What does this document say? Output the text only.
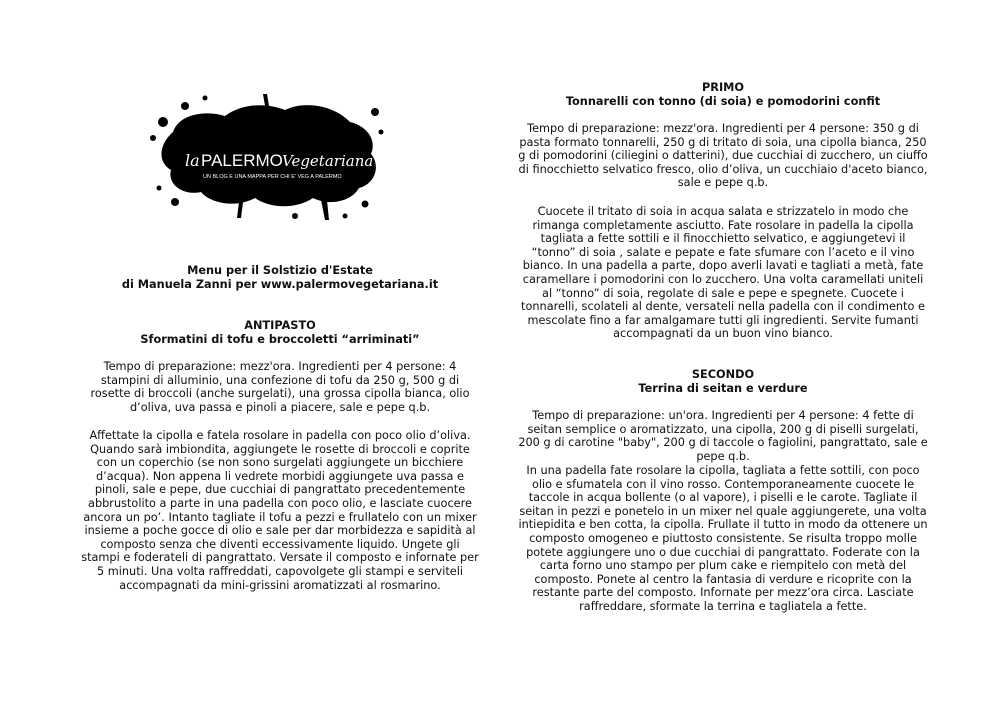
la PALERMO Vegetariana
UN BLOG E UNA MAPPA PER CHI E' VEG A PALERMO

Menu per il Solstizio d'Estate

di Manuela Zanni per www.palermovegetariana.it

ANTIPASTO

Sformatini di tofu e broccoletti “arriminati”

Tempo di preparazione: mezz'ora. Ingredienti per 4 persone: 4 stampini di alluminio, una confezione di tofu da 250 g, 500 g di rosette di broccoli (anche surgelati), una grossa cipolla bianca, olio d’oliva, uva passa e pinoli a piacere, sale e pepe q.b.

Affettate la cipolla e fatela rosolare in padella con poco olio d’oliva. Quando sarà imbiondita, aggiungete le rosette di broccoli e coprite con un coperchio (se non sono surgelati aggiungete un bicchiere d’acqua). Non appena li vedrete morbidi aggiungete uva passa e pinoli, sale e pepe, due cucchiai di pangrattato precedentemente abbrustolito a parte in una padella con poco olio, e lasciate cuocere ancora un po’. Intanto tagliate il tofu a pezzi e frullatelo con un mixer insieme a poche gocce di olio e sale per dar morbidezza e sapidità al composto senza che diventi eccessivamente liquido. Ungete gli stampi e foderateli di pangrattato. Versate il composto e infornate per 5 minuti. Una volta raffreddati, capovolgete gli stampi e serviteli accompagnati da mini-grissini aromatizzati al rosmarino.

PRIMO

Tonnarelli con tonno (di soia) e pomodorini confit

Tempo di preparazione: mezz'ora. Ingredienti per 4 persone: 350 g di pasta formato tonnarelli, 250 g di tritato di soia, una cipolla bianca, 250 g di pomodorini (ciliegini o datterini), due cucchiai di zucchero, un ciuffo di finocchietto selvatico fresco, olio d’oliva, un cucchiaio d'aceto bianco, sale e pepe q.b.

Cuocete il tritato di soia in acqua salata e strizzatelo in modo che rimanga completamente asciutto. Fate rosolare in padella la cipolla tagliata a fette sottili e il finocchietto selvatico, e aggiungetevi il “tonno” di soia , salate e pepate e fate sfumare con l’aceto e il vino bianco. In una padella a parte, dopo averli lavati e tagliati a metà, fate caramellare i pomodorini con lo zucchero. Una volta caramellati uniteli al “tonno” di soia, regolate di sale e pepe e spegnete. Cuocete i tonnarelli, scolateli al dente, versateli nella padella con il condimento e mescolate fino a far amalgamare tutti gli ingredienti. Servite fumanti accompagnati da un buon vino bianco.

SECONDO

Terrina di seitan e verdure

Tempo di preparazione: un'ora. Ingredienti per 4 persone: 4 fette di seitan semplice o aromatizzato, una cipolla, 200 g di piselli surgelati, 200 g di carotine "baby", 200 g di taccole o fagiolini, pangrattato, sale e pepe q.b.

In una padella fate rosolare la cipolla, tagliata a fette sottili, con poco olio e sfumatela con il vino rosso. Contemporaneamente cuocete le taccole in acqua bollente (o al vapore), i piselli e le carote. Tagliate il seitan in pezzi e ponetelo in un mixer nel quale aggiungerete, una volta intiepidita e ben cotta, la cipolla. Frullate il tutto in modo da ottenere un composto omogeneo e piuttosto consistente. Se risulta troppo molle potete aggiungere uno o due cucchiai di pangrattato. Foderate con la carta forno uno stampo per plum cake e riempitelo con metà del composto. Ponete al centro la fantasia di verdure e ricoprite con la restante parte del composto. Infornate per mezz’ora circa. Lasciate raffreddare, sformate la terrina e tagliatela a fette.
